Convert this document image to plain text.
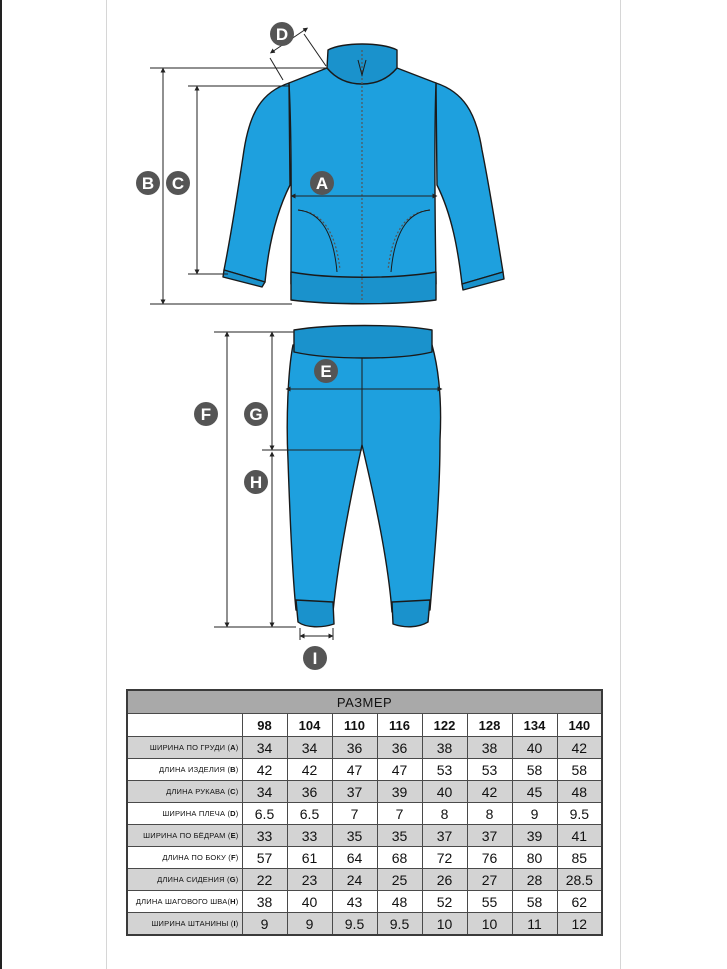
B C	A
D
E
F G
H
I
РАЗМЕР								
	98	104	110	116	122	128	134	140
ШИРИНА ПО ГРУДИ (A)	34	34	36	36	38	38	40	42
ДЛИНА ИЗДЕЛИЯ (B)	42	42	47	47	53	53	58	58
ДЛИНА РУКАВА (C)	34	36	37	39	40	42	45	48
ШИРИНА ПЛЕЧА (D)	6.5	6.5	7	7	8	8	9	9.5
ШИРИНА ПО БЁДРАМ (E)	33	33	35	35	37	37	39	41
ДЛИНА ПО БОКУ (F)	57	61	64	68	72	76	80	85
ДЛИНА СИДЕНИЯ (G)	22	23	24	25	26	27	28	28.5
ДЛИНА ШАГОВОГО ШВА(H)	38	40	43	48	52	55	58	62
ШИРИНА ШТАНИНЫ (I)	9	9	9.5	9.5	10	10	11	12
